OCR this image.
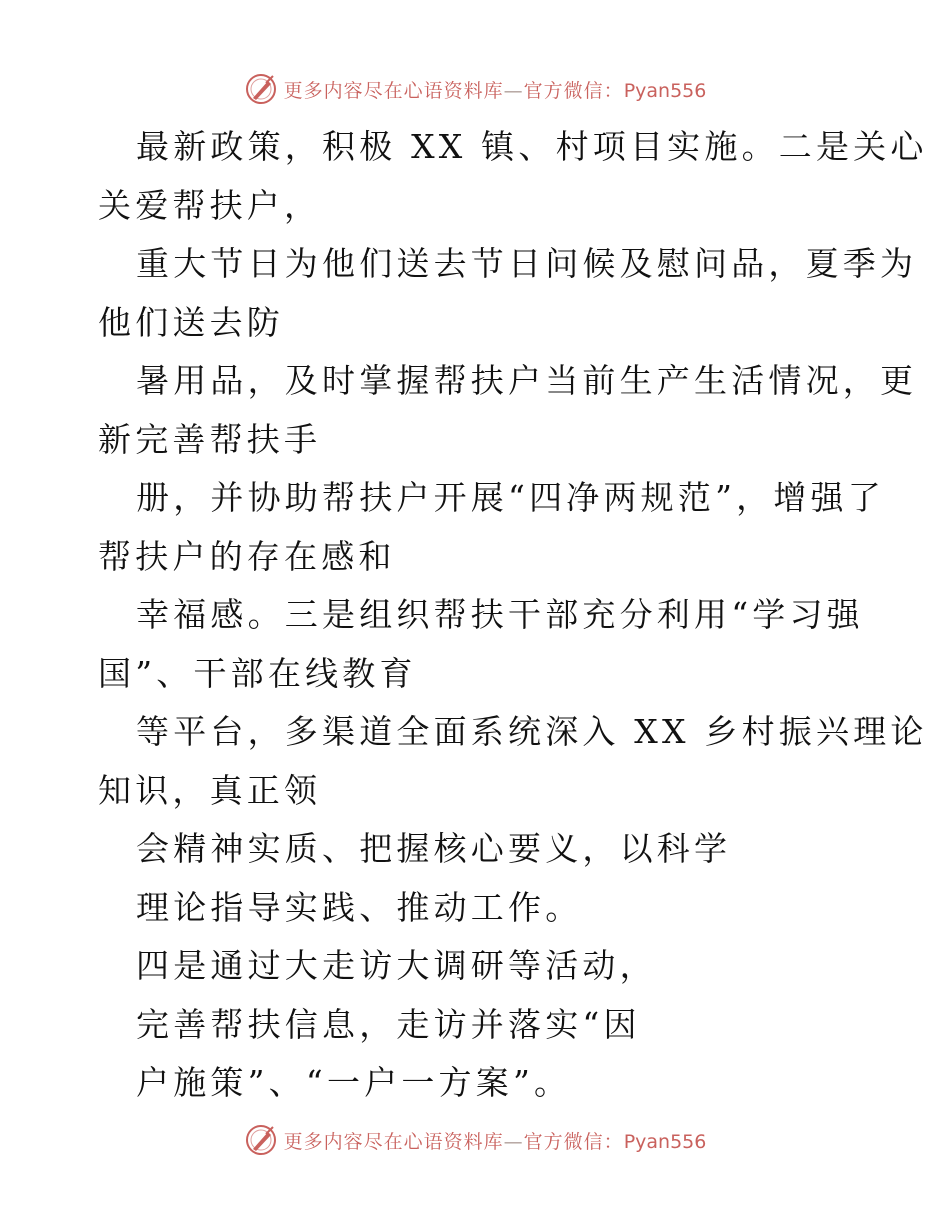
更多内容尽在心语资料库—官方微信：Pyan556
最新政策，积极 XX 镇、村项目实施。二是关心
关爱帮扶户，
重大节日为他们送去节日问候及慰问品，夏季为
他们送去防
暑用品，及时掌握帮扶户当前生产生活情况，更
新完善帮扶手
册，并协助帮扶户开展“四净两规范”，增强了
帮扶户的存在感和
幸福感。三是组织帮扶干部充分利用“学习强
国”、干部在线教育
等平台，多渠道全面系统深入 XX 乡村振兴理论
知识，真正领
会精神实质、把握核心要义，以科学
理论指导实践、推动工作。
四是通过大走访大调研等活动，
完善帮扶信息，走访并落实“因
户施策”、“一户一方案”。
更多内容尽在心语资料库—官方微信：Pyan556
